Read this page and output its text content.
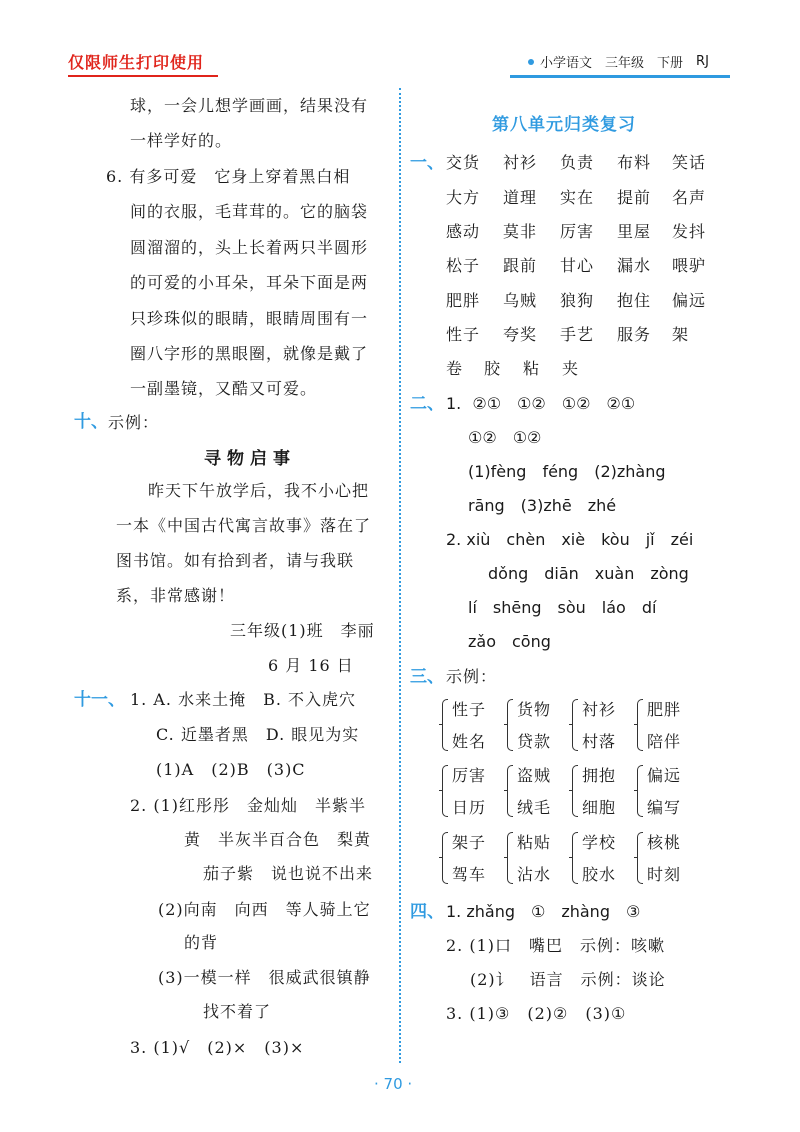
仅限师生打印使用	小学语文 三年级 下册 RJ
球，一会儿想学画画，结果没有
一样学好的。
6. 有多可爱　它身上穿着黑白相
间的衣服，毛茸茸的。它的脑袋
圆溜溜的，头上长着两只半圆形
的可爱的小耳朵，耳朵下面是两
只珍珠似的眼睛，眼睛周围有一
圈八字形的黑眼圈，就像是戴了
一副墨镜，又酷又可爱。
十、 示例：
寻物启事
昨天下午放学后，我不小心把
一本《中国古代寓言故事》落在了
图书馆。如有拾到者，请与我联
系，非常感谢！
三年级(1)班　李丽
6 月 16 日
十一、 1. A. 水来土掩　B. 不入虎穴
C. 近墨者黑　D. 眼见为实
(1)A　(2)B　(3)C
2. (1)红彤彤　金灿灿　半紫半
黄　半灰半百合色　梨黄
茄子紫　说也说不出来
(2)向南　向西　等人骑上它
的背
(3)一模一样　很威武很镇静
找不着了
3. (1)√　(2)×　(3)×
第八单元归类复习
一、 交货 衬衫 负责 布料 笑话
大方 道理 实在 提前 名声
感动 莫非 厉害 里屋 发抖
松子 跟前 甘心 漏水 喂驴
肥胖 乌贼 狼狗 抱住 偏远
性子 夸奖 手艺 服务 架
卷 胶 粘 夹
二、 1. ②①　①②　①②　②①
①②　①②
(1)fèng　féng　(2)zhàng
rāng　(3)zhē　zhé
2. xiù　chèn　xiè　kòu　jǐ　zéi
dǒng　diān　xuàn　zòng
lí　shēng　sòu　láo　dí
zǎo　cōng
三、 示例：
性子
姓名
货物
贷款
衬衫
村落
肥胖
陪伴
厉害
日历
盗贼
绒毛
拥抱
细胞
偏远
编写
架子
驾车
粘贴
沾水
学校
胶水
核桃
时刻
四、 1. zhǎng　①　zhàng　③
2. (1)口　嘴巴　示例：咳嗽
(2)讠　语言　示例：谈论
3. (1)③　(2)②　(3)①
· 70 ·
